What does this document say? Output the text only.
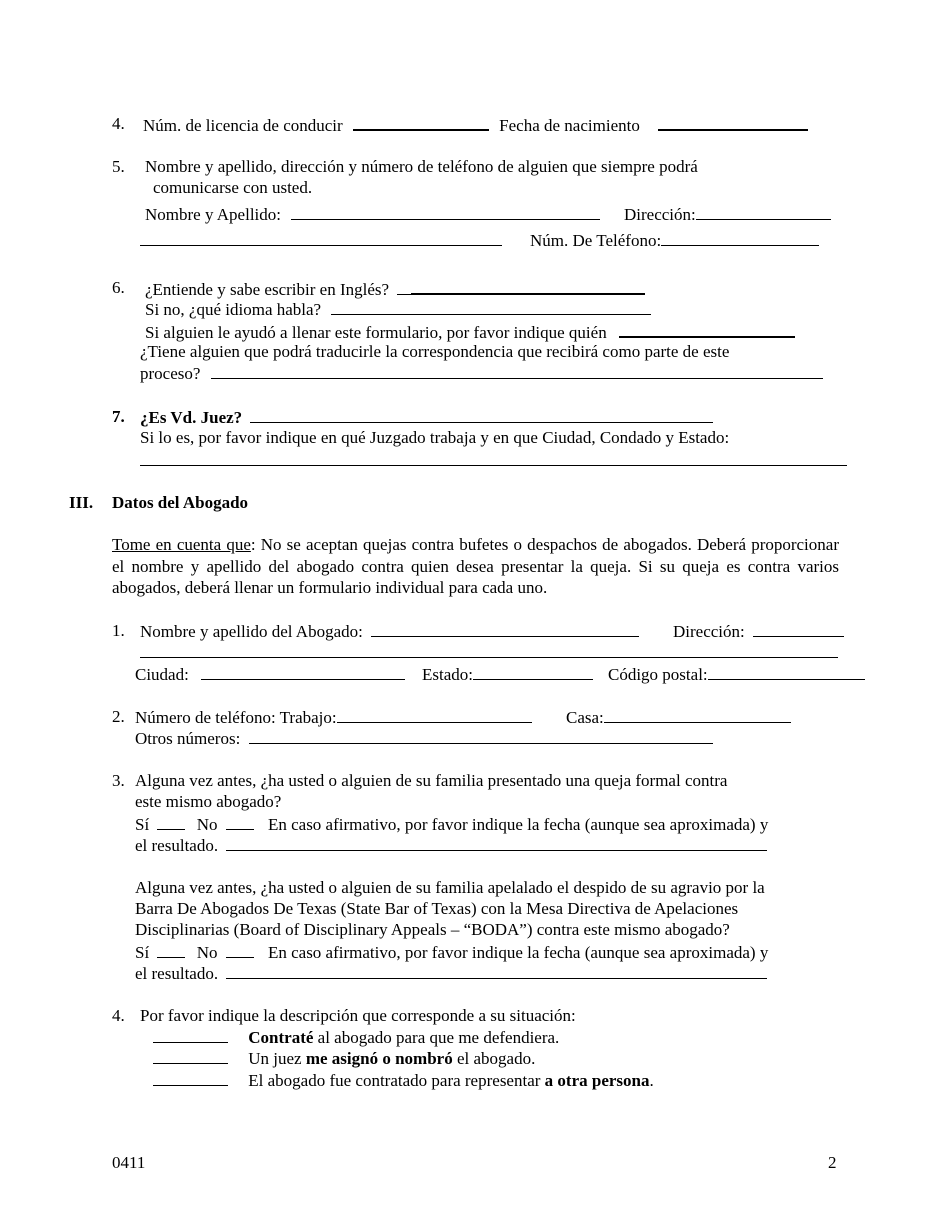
4. Núm. de licencia de conducir	Fecha de nacimiento
5. Nombre y apellido, dirección y número de teléfono de alguien que siempre podrá
comunicarse con usted.
Nombre y Apellido:	Dirección:
Núm. De Teléfono:
6. ¿Entiende y sabe escribir en Inglés?
Si no, ¿qué idioma habla?
Si alguien le ayudó a llenar este formulario, por favor indique quién
¿Tiene alguien que podrá traducirle la correspondencia que recibirá como parte de este
proceso?
7. ¿Es Vd. Juez?
Si lo es, por favor indique en qué Juzgado trabaja y en que Ciudad, Condado y Estado:
III. Datos del Abogado
Tome en cuenta que: No se aceptan quejas contra bufetes o despachos de abogados. Deberá proporcionar el nombre y apellido del abogado contra quien desea presentar la queja. Si su queja es contra varios abogados, deberá llenar un formulario individual para cada uno.
1. Nombre y apellido del Abogado:	Dirección:
Ciudad:	Estado:	Código postal:
2. Número de teléfono: Trabajo:	Casa:
Otros números:
3. Alguna vez antes, ¿ha usted o alguien de su familia presentado una queja formal contra
este mismo abogado?
Sí	No	En caso afirmativo, por favor indique la fecha (aunque sea aproximada) y
el resultado.
Alguna vez antes, ¿ha usted o alguien de su familia apelalado el despido de su agravio por la
Barra De Abogados De Texas (State Bar of Texas) con la Mesa Directiva de Apelaciones
Disciplinarias (Board of Disciplinary Appeals – “BODA”) contra este mismo abogado?
Sí	No	En caso afirmativo, por favor indique la fecha (aunque sea aproximada) y
el resultado.
4. Por favor indique la descripción que corresponde a su situación:
Contraté al abogado para que me defendiera.
Un juez me asignó o nombró el abogado.
El abogado fue contratado para representar a otra persona.
0411	2
